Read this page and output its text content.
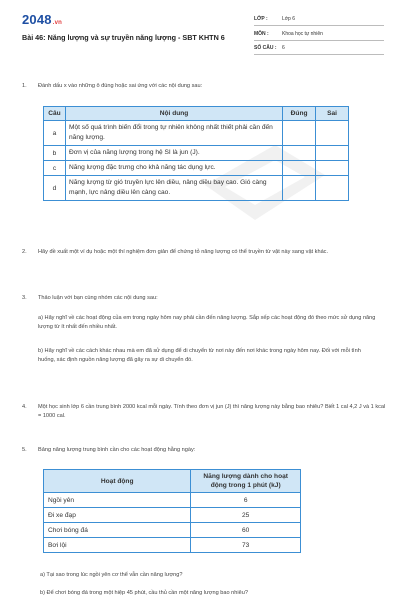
2048.vn
Bài 46: Năng lượng và sự truyền năng lượng - SBT KHTN 6
LỚP :	Lớp 6
MÔN :	Khoa học tự nhiên
SỐ CÂU : 6
1. Đánh dấu x vào những ô đúng hoặc sai ứng với các nội dung sau:
Câu	Nội dung	Đúng	Sai
a	Một số quá trình biến đổi trong tự nhiên không nhất thiết phải cần đến năng lượng.		
b	Đơn vị của năng lượng trong hệ SI là jun (J).		
c	Năng lượng đặc trưng cho khả năng tác dụng lực.		
d	Năng lượng từ gió truyền lực lên diều, nâng diều bay cao. Gió càng mạnh, lực nâng diều lên càng cao.		
2. Hãy đề xuất một ví dụ hoặc một thí nghiệm đơn giản để chứng tỏ năng lượng có thể truyền từ vật này sang vật khác.
3. Thảo luận với bạn cùng nhóm các nội dung sau:
a) Hãy nghĩ về các hoạt động của em trong ngày hôm nay phải cần đến năng lượng. Sắp xếp các hoạt động đó theo mức sử dụng năng lượng từ ít nhất đến nhiều nhất.
b) Hãy nghĩ về các cách khác nhau mà em đã sử dụng để di chuyển từ nơi này đến nơi khác trong ngày hôm nay. Đối với mỗi tình huống, xác định nguồn năng lượng đã gây ra sự di chuyển đó.
4. Một học sinh lớp 6 cần trung bình 2000 kcal mỗi ngày. Tính theo đơn vị jun (J) thì năng lượng này bằng bao nhiêu? Biết 1 cal 4,2 J và 1 kcal = 1000 cal.
5. Bảng năng lượng trung bình cần cho các hoạt động hằng ngày:
Hoạt động	Năng lượng dành cho hoạt động trong 1 phút (kJ)
Ngồi yên	6
Đi xe đạp	25
Chơi bóng đá	60
Bơi lội	73
a) Tại sao trong lúc ngồi yên cơ thể vẫn cần năng lượng?
b) Để chơi bóng đá trong một hiệp 45 phút, cầu thủ cần một năng lượng bao nhiêu?
